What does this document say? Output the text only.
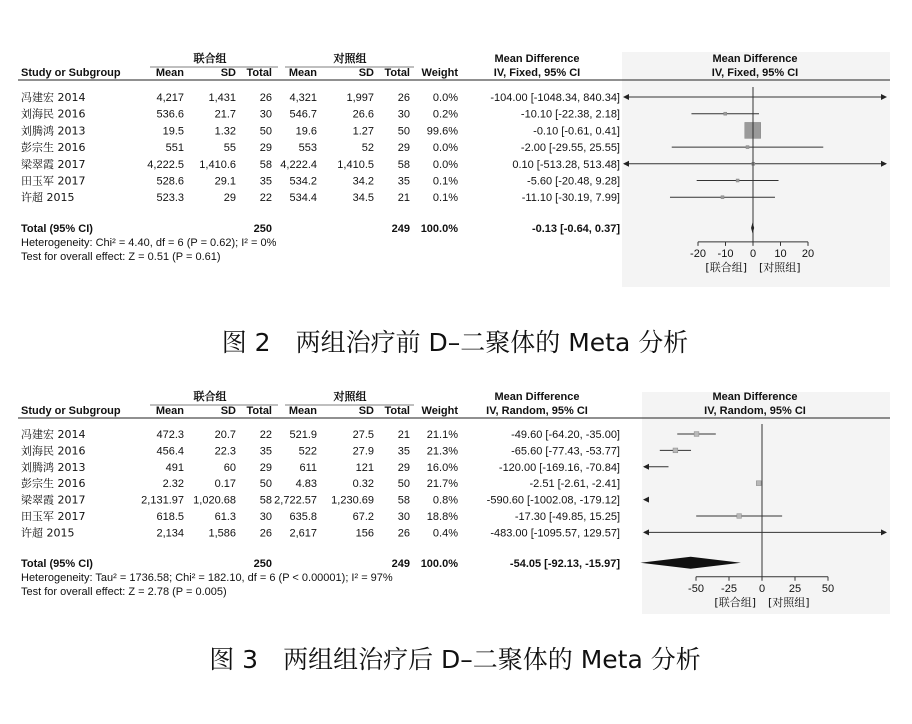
联合组	对照组	Mean Difference
IV, Fixed, 95% CI
Mean Difference
IV, Fixed, 95% CI
Study or Subgroup	Mean	SD Total Mean	SD Total Weight
冯建宏 2014	4,217 1,431 26 4,321	1,997 26 0.0%	-104.00 [-1048.34, 840.34]
刘海民 2016	536.6	21.7 30 546.7	26.6 30 0.2%	-10.10 [-22.38, 2.18]
刘腾鸿 2013	19.5	1.32 50 19.6	1.27 50 99.6%	-0.10 [-0.61, 0.41]
彭宗生 2016	551	55 29 553	52 29 0.0%	-2.00 [-29.55, 25.55]
梁翠霞 2017	4,222.5 1,410.6 58 4,222.4 1,410.5 58 0.0%	0.10 [-513.28, 513.48]
田玉军 2017	528.6	29.1 35 534.2	34.2 35 0.1%	-5.60 [-20.48, 9.28]
许超 2015	523.3	29 22 534.4	34.5 21 0.1%	-11.10 [-30.19, 7.99]
Total (95% CI)	250	249 100.0%	-0.13 [-0.64, 0.37]
Heterogeneity: Chi² = 4.40, df = 6 (P = 0.62); I² = 0%
Test for overall effect: Z = 0.51 (P = 0.61)	-20 -10 0 10 20
[联合组] [对照组]
图 2　两组治疗前 D–二聚体的 Meta 分析
联合组	对照组	Mean Difference
IV, Random, 95% CI
Mean Difference
IV, Random, 95% CI
Study or Subgroup	Mean	SD Total Mean	SD Total Weight
冯建宏 2014	472.3	20.7 22 521.9	27.5 21 21.1%	-49.60 [-64.20, -35.00]
刘海民 2016	456.4	22.3 35 522	27.9 35 21.3%	-65.60 [-77.43, -53.77]
刘腾鸿 2013	491	60 29 611	121 29 16.0%	-120.00 [-169.16, -70.84]
彭宗生 2016	2.32	0.17 50 4.83	0.32 50 21.7%	-2.51 [-2.61, -2.41]
梁翠霞 2017	2,131.97 1,020.68 58 2,722.57 1,230.69 58 0.8%	-590.60 [-1002.08, -179.12]
田玉军 2017	618.5	61.3 30 635.8	67.2 30 18.8%	-17.30 [-49.85, 15.25]
许超 2015	2,134 1,586 26 2,617	156 26 0.4%	-483.00 [-1095.57, 129.57]
Total (95% CI)	250	249 100.0%	-54.05 [-92.13, -15.97]
Heterogeneity: Tau² = 1736.58; Chi² = 182.10, df = 6 (P < 0.00001); I² = 97%
Test for overall effect: Z = 2.78 (P = 0.005)	-50 -25 0 25 50
[联合组] [对照组]
图 3　两组组治疗后 D–二聚体的 Meta 分析
